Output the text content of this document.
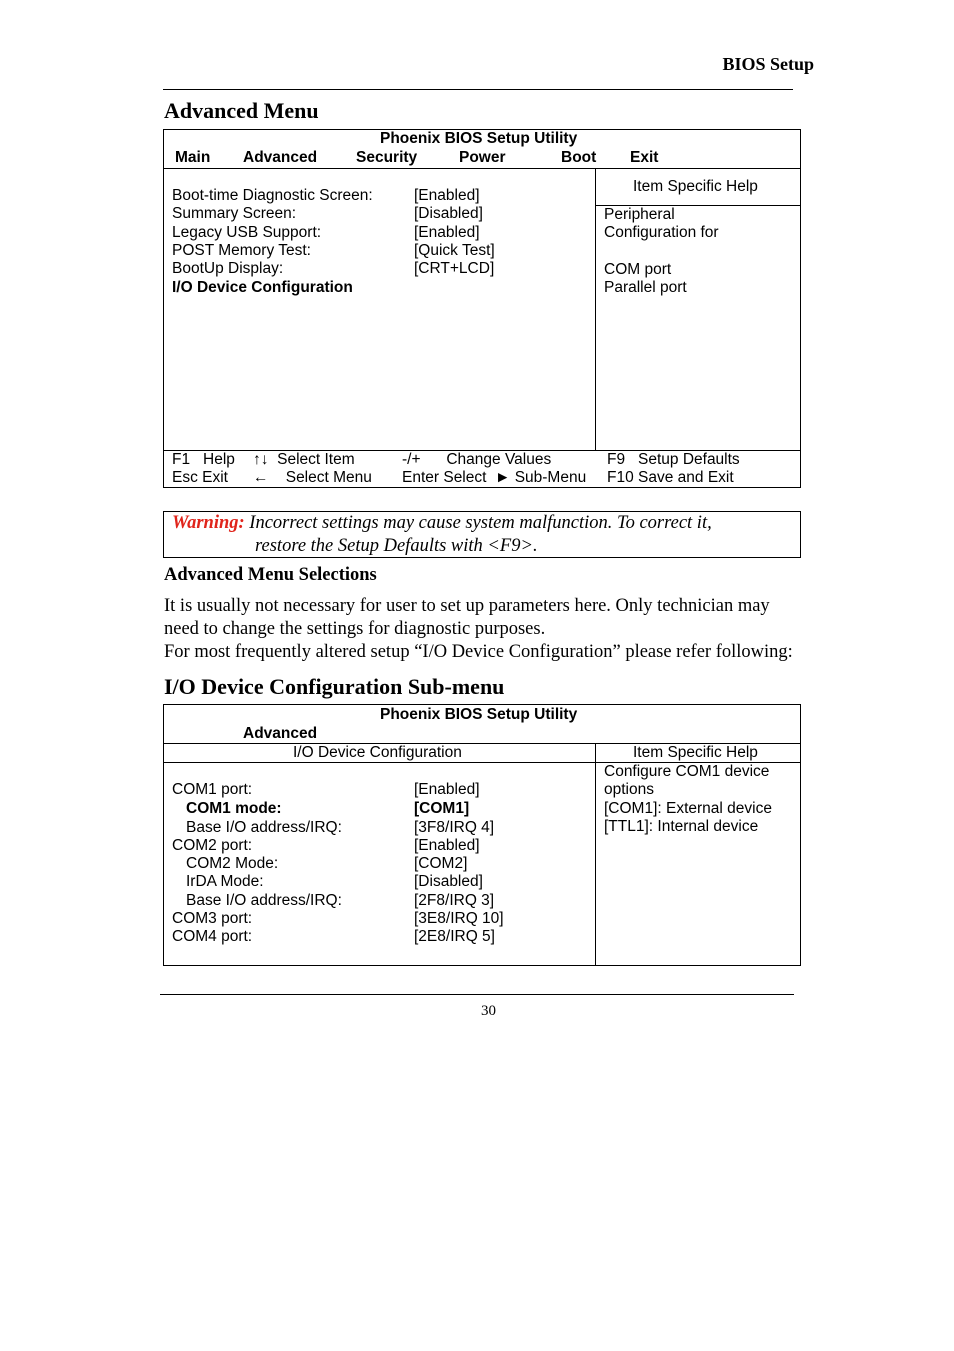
BIOS Setup
Advanced Menu
Phoenix BIOS Setup Utility
Main Advanced	Security	Power	Boot Exit
Boot-time Diagnostic Screen:	[Enabled]
Summary Screen:	[Disabled]
Legacy USB Support:	[Enabled]
POST Memory Test:	[Quick Test]
BootUp Display:	[CRT+LCD]
I/O Device Configuration
Item Specific Help
Peripheral
Configuration for
COM port
Parallel port
F1   Help ↑↓  Select Item	-/+      Change Values	F9   Setup Defaults
Esc Exit ←    Select Menu Enter Select  ► Sub-Menu F10 Save and Exit
Warning: Incorrect settings may cause system malfunction. To correct it,
restore the Setup Defaults with <F9>.
Advanced Menu Selections
It is usually not necessary for user to set up parameters here. Only technician may
need to change the settings for diagnostic purposes.
For most frequently altered setup “I/O Device Configuration” please refer following:
I/O Device Configuration Sub-menu
Phoenix BIOS Setup Utility
Advanced
I/O Device Configuration	Item Specific Help
COM1 port:	[Enabled]
COM1 mode:	[COM1]
Base I/O address/IRQ:	[3F8/IRQ 4]
COM2 port:	[Enabled]
COM2 Mode:	[COM2]
IrDA Mode:	[Disabled]
Base I/O address/IRQ:	[2F8/IRQ 3]
COM3 port:	[3E8/IRQ 10]
COM4 port:	[2E8/IRQ 5]
Configure COM1 device
options
[COM1]: External device
[TTL1]: Internal device
30
